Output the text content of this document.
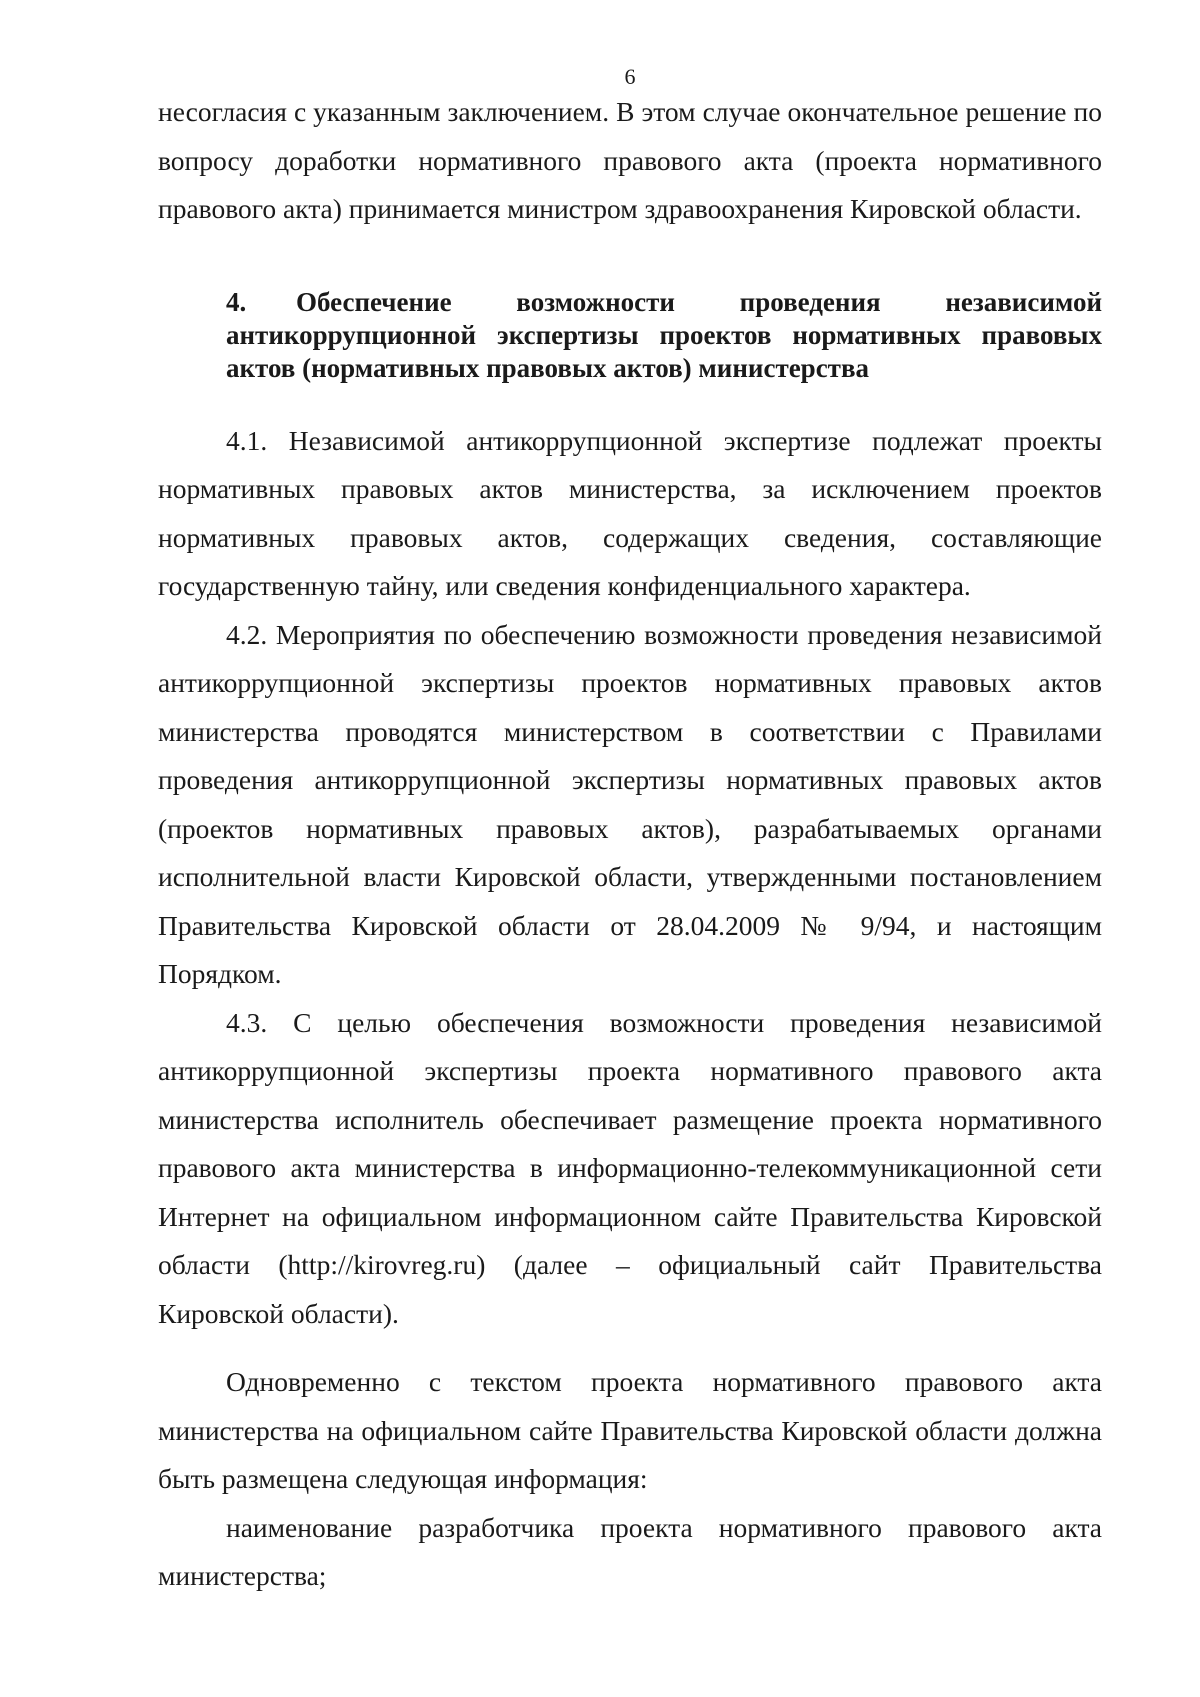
6

несогласия с указанным заключением. В этом случае окончательное решение по вопросу доработки нормативного правового акта (проекта нормативного правового акта) принимается министром здравоохранения Кировской области.

4. Обеспечение возможности проведения независимой антикоррупционной экспертизы проектов нормативных правовых актов (нормативных правовых актов) министерства

4.1. Независимой антикоррупционной экспертизе подлежат проекты нормативных правовых актов министерства, за исключением проектов нормативных правовых актов, содержащих сведения, составляющие государственную тайну, или сведения конфиденциального характера.

4.2. Мероприятия по обеспечению возможности проведения независимой антикоррупционной экспертизы проектов нормативных правовых актов министерства проводятся министерством в соответствии с Правилами проведения антикоррупционной экспертизы нормативных правовых актов (проектов нормативных правовых актов), разрабатываемых органами исполнительной власти Кировской области, утвержденными постановлением Правительства Кировской области от 28.04.2009 № 9/94, и настоящим Порядком.

4.3. С целью обеспечения возможности проведения независимой антикоррупционной экспертизы проекта нормативного правового акта министерства исполнитель обеспечивает размещение проекта нормативного правового акта министерства в информационно-телекоммуникационной сети Интернет на официальном информационном сайте Правительства Кировской области (http://kirovreg.ru) (далее – официальный сайт Правительства Кировской области).

Одновременно с текстом проекта нормативного правового акта министерства на официальном сайте Правительства Кировской области должна быть размещена следующая информация:

наименование разработчика проекта нормативного правового акта министерства;
